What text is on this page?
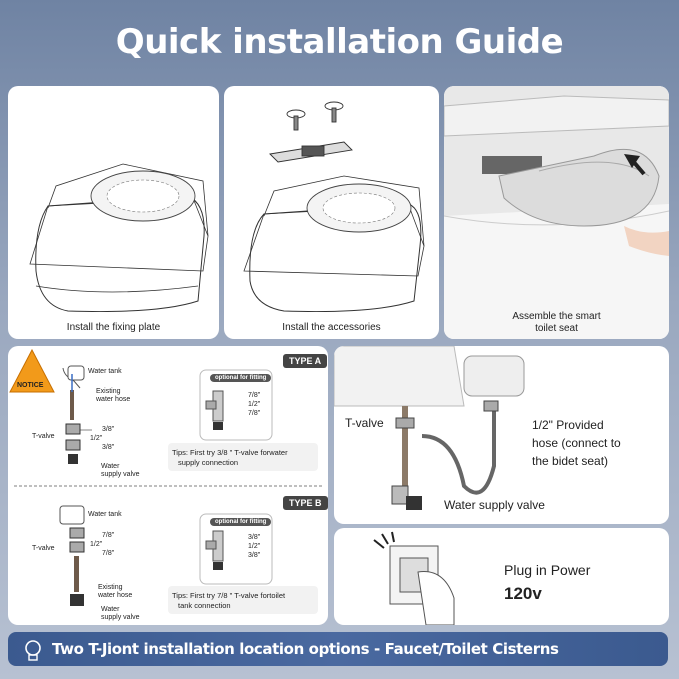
Quick installation Guide
Install the fixing plate	Install the accessories
Assemble the smart
toilet seat
NOTICE
TYPE A
Water tank
Existing
water hose
T-valve
3/8"
1/2"
3/8"
Water
supply valve
optional for fitting
7/8"
1/2"
7/8"
Tips: First try 3/8 " T-valve forwater
supply connection
TYPE B
Water tank
T-valve
7/8"
1/2"
7/8"
Existing
water hose
Water
supply valve
optional for fitting
3/8"
1/2"
3/8"
Tips: First try 7/8 " T-valve fortoilet
tank connection
T-valve	1/2" Provided
hose (connect to
the bidet seat)
Water supply valve
Plug in Power
120v
Two T-Jiont installation location options - Faucet/Toilet Cisterns
